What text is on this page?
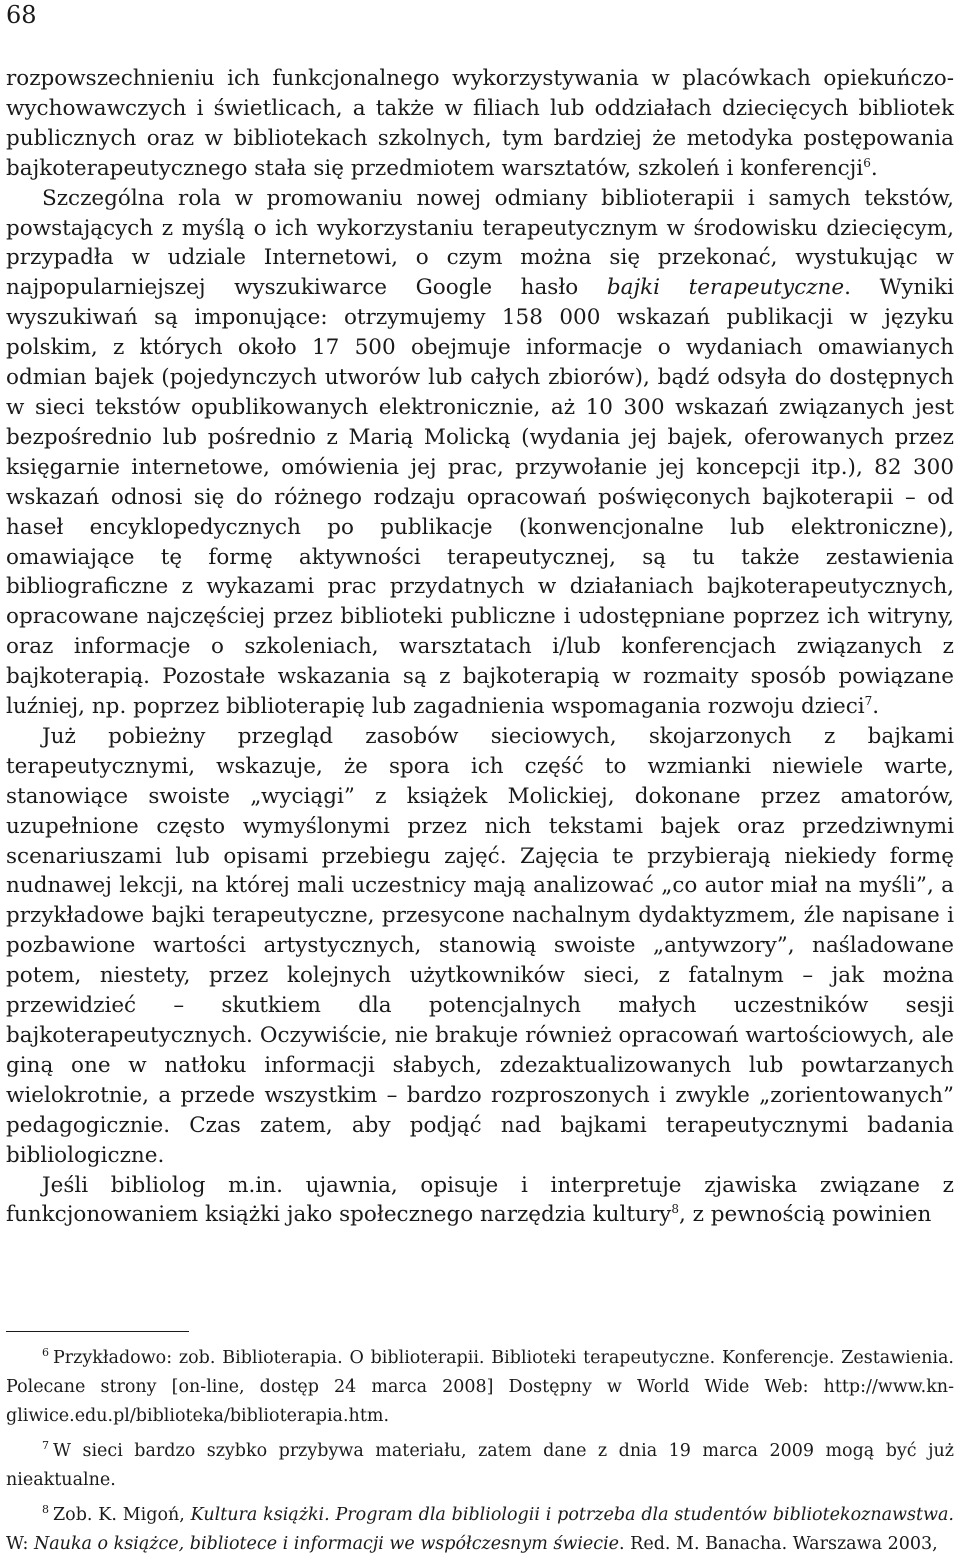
68

rozpowszechnieniu ich funkcjonalnego wykorzystywania w placówkach opiekuńczo-wychowawczych i świetlicach, a także w filiach lub oddziałach dziecięcych bibliotek publicznych oraz w bibliotekach szkolnych, tym bardziej że metodyka postępowania bajkoterapeutycznego stała się przedmiotem warsztatów, szkoleń i konferencji$^6$.

Szczególna rola w promowaniu nowej odmiany biblioterapii i samych tekstów, powstających z myślą o ich wykorzystaniu terapeutycznym w środowisku dziecięcym, przypadła w udziale Internetowi, o czym można się przekonać, wystukując w najpopularniejszej wyszukiwarce Google hasło bajki terapeutyczne. Wyniki wyszukiwań są imponujące: otrzymujemy 158 000 wskazań publikacji w języku polskim, z których około 17 500 obejmuje informacje o wydaniach omawianych odmian bajek (pojedynczych utworów lub całych zbiorów), bądź odsyła do dostępnych w sieci tekstów opublikowanych elektronicznie, aż 10 300 wskazań związanych jest bezpośrednio lub pośrednio z Marią Molicką (wydania jej bajek, oferowanych przez księgarnie internetowe, omówienia jej prac, przywołanie jej koncepcji itp.), 82 300 wskazań odnosi się do różnego rodzaju opracowań poświęconych bajkoterapii – od haseł encyklopedycznych po publikacje (konwencjonalne lub elektroniczne), omawiające tę formę aktywności terapeutycznej, są tu także zestawienia bibliograficzne z wykazami prac przydatnych w działaniach bajkoterapeutycznych, opracowane najczęściej przez biblioteki publiczne i udostępniane poprzez ich witryny, oraz informacje o szkoleniach, warsztatach i/lub konferencjach związanych z bajkoterapią. Pozostałe wskazania są z bajkoterapią w rozmaity sposób powiązane luźniej, np. poprzez biblioterapię lub zagadnienia wspomagania rozwoju dzieci$^7$.

Już pobieżny przegląd zasobów sieciowych, skojarzonych z bajkami terapeutycznymi, wskazuje, że spora ich część to wzmianki niewiele warte, stanowiące swoiste „wyciągi” z książek Molickiej, dokonane przez amatorów, uzupełnione często wymyślonymi przez nich tekstami bajek oraz przedziwnymi scenariuszami lub opisami przebiegu zajęć. Zajęcia te przybierają niekiedy formę nudnawej lekcji, na której mali uczestnicy mają analizować „co autor miał na myśli”, a przykładowe bajki terapeutyczne, przesycone nachalnym dydaktyzmem, źle napisane i pozbawione wartości artystycznych, stanowią swoiste „antywzory”, naśladowane potem, niestety, przez kolejnych użytkowników sieci, z fatalnym – jak można przewidzieć – skutkiem dla potencjalnych małych uczestników sesji bajkoterapeutycznych. Oczywiście, nie brakuje również opracowań wartościowych, ale giną one w natłoku informacji słabych, zdezaktualizowanych lub powtarzanych wielokrotnie, a przede wszystkim – bardzo rozproszonych i zwykle „zorientowanych” pedagogicznie. Czas zatem, aby podjąć nad bajkami terapeutycznymi badania bibliologiczne.

Jeśli bibliolog m.in. ujawnia, opisuje i interpretuje zjawiska związane z funkcjonowaniem książki jako społecznego narzędzia kultury$^8$, z pewnością powinien

$^6$ Przykładowo: zob. Biblioterapia. O biblioterapii. Biblioteki terapeutyczne. Konferencje. Zestawienia. Polecane strony [on-line, dostęp 24 marca 2008] Dostępny w World Wide Web: http://www.kn-gliwice.edu.pl/biblioteka/biblioterapia.htm.

$^7$ W sieci bardzo szybko przybywa materiału, zatem dane z dnia 19 marca 2009 mogą być już nieaktualne.

$^8$ Zob. K. Migoń, Kultura książki. Program dla bibliologii i potrzeba dla studentów bibliotekoznawstwa. W: Nauka o książce, bibliotece i informacji we współczesnym świecie. Red. M. Banacha. Warszawa 2003,
